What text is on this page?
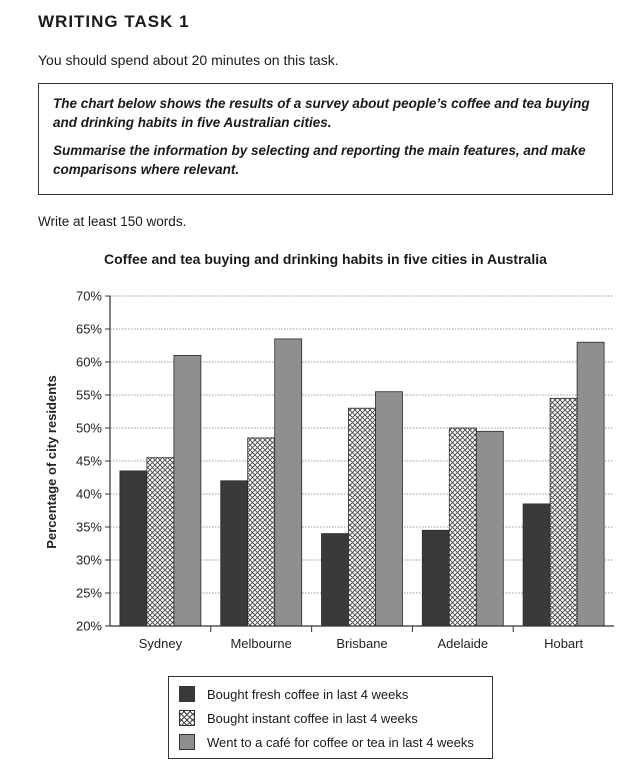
WRITING TASK 1
You should spend about 20 minutes on this task.

The chart below shows the results of a survey about people’s coffee and tea buying and drinking habits in five Australian cities.

Summarise the information by selecting and reporting the main features, and make comparisons where relevant.

Write at least 150 words.
Coffee and tea buying and drinking habits in five cities in Australia
20%
25%
30%
35%
40%
45%
50%
55%
60%
65%
70%
Sydney	Melbourne	Brisbane	Adelaide	Hobart
Percentage of city residents
Bought fresh coffee in last 4 weeks
Bought instant coffee in last 4 weeks
Went to a café for coffee or tea in last 4 weeks
